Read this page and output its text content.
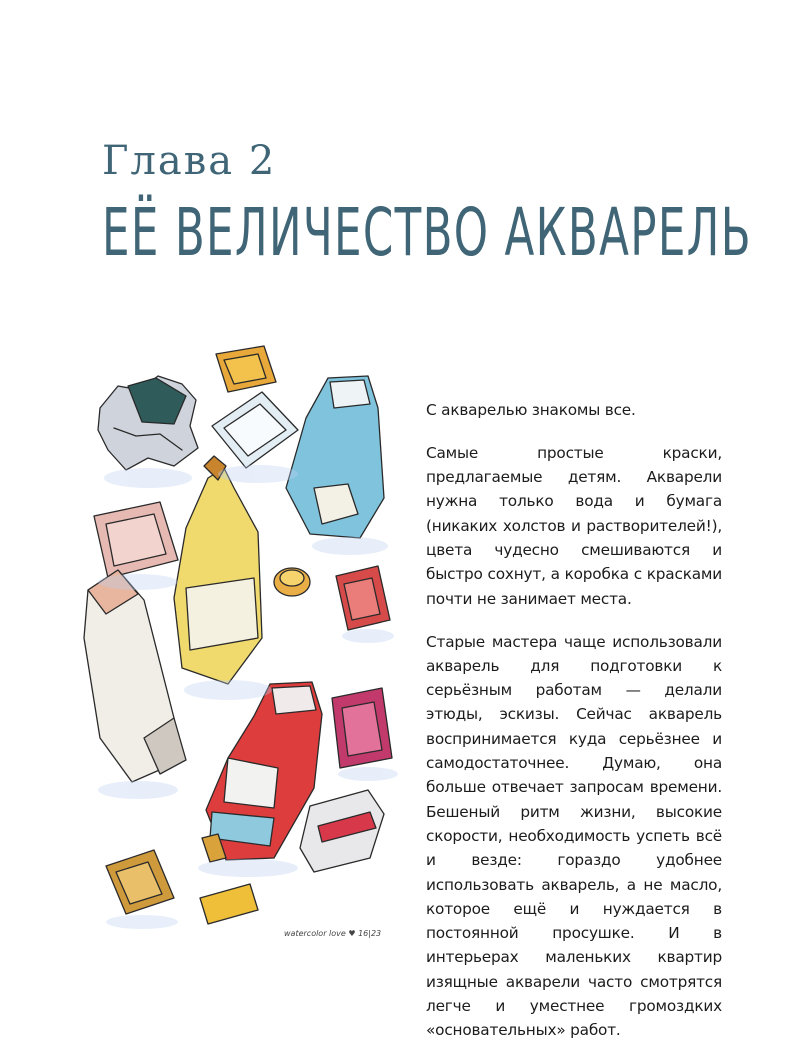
Глава 2
ЕЁ ВЕЛИЧЕСТВО АКВАРЕЛЬ
watercolor love ♥ 16|23

С акварелью знакомы все.

Самые простые краски, предлагаемые детям. Акварели нужна только вода и бумага (никаких холстов и растворителей!), цвета чудесно смешиваются и быстро сохнут, а коробка с красками почти не занимает места.

Старые мастера чаще использовали акварель для подготовки к серьёзным работам — делали этюды, эскизы. Сейчас акварель воспринимается куда серьёзнее и самодостаточнее. Думаю, она больше отвечает запросам времени. Бешеный ритм жизни, высокие скорости, необходимость успеть всё и везде: гораздо удобнее использовать акварель, а не масло, которое ещё и нуждается в постоянной просушке. И в интерьерах маленьких квартир изящные акварели часто смотрятся легче и уместнее громоздких «основательных» работ.
